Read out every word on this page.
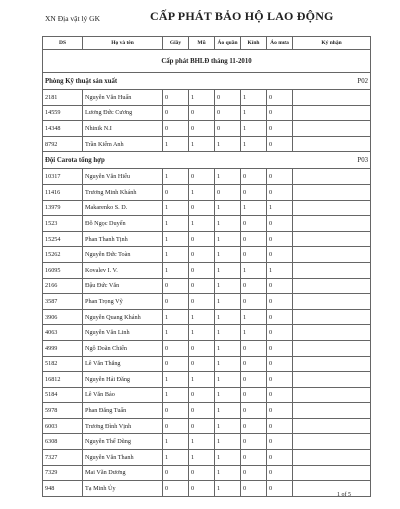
XN Địa vật lý GK	CẤP PHÁT BẢO HỘ LAO ĐỘNG
DS	Họ và tên	Giầy	Mũ	Áo quần	Kính	Áo mưa	Ký nhận
Cấp phát BHLĐ tháng 11-2010							
Phòng Kỹ thuật sản xuất P02							

2181	Nguyễn Văn Huấn	0	1	0	1	0	
14559	Lương Đức Cương	0	0	0	1	0	
14348	Nhinik N.I	0	0	0	1	0	
8792	Trần Kiếm Anh	1	1	1	1	0	
Đội Carota tổng hợp P03							

10317	Nguyễn Văn Hiếu	1	0	1	0	0	
11416	Trương Minh Khánh	0	1	0	0	0	
13979	Makarenko S. D.	1	0	1	1	1	
1523	Đỗ Ngọc Duyến	1	1	1	0	0	
15254	Phan Thanh Tịnh	1	0	1	0	0	
15262	Nguyễn Đức Toàn	1	0	1	0	0	
16095	Kovalev I. V.	1	0	1	1	1	
2166	Đậu Đức Văn	0	0	1	0	0	
3587	Phan Trọng Vỹ	0	0	1	0	0	
3906	Nguyễn Quang Khánh	1	1	1	1	0	
4063	Nguyễn Văn Linh	1	1	1	1	0	
4999	Ngô Doãn Chiến	0	0	1	0	0	
5182	Lê Văn Thắng	0	0	1	0	0	
16812	Nguyễn Hải Đăng	1	1	1	0	0	
5184	Lê Văn Bảo	1	0	1	0	0	
5978	Phan Đăng Tuấn	0	0	1	0	0	
6003	Trương Đình Vịnh	0	0	1	0	0	
6308	Nguyễn Thế Dũng	1	1	1	0	0	
7327	Nguyễn Văn Thanh	1	1	1	0	0	
7329	Mai Văn Dương	0	0	1	0	0	
948	Tạ Minh Ủy	0	0	1	0	0	
1 of 5
